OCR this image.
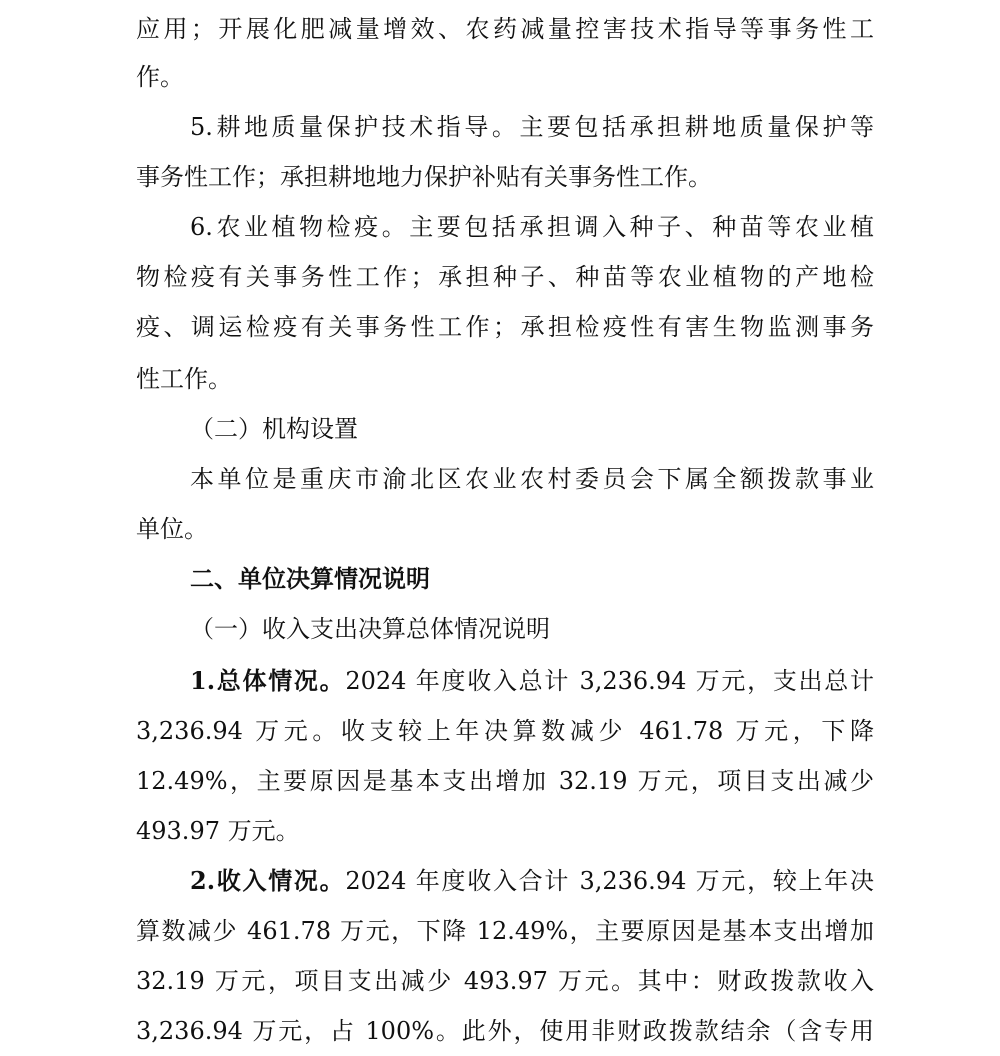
应用；开展化肥减量增效、农药减量控害技术指导等事务性工
作。
5.耕地质量保护技术指导。主要包括承担耕地质量保护等
事务性工作；承担耕地地力保护补贴有关事务性工作。
6.农业植物检疫。主要包括承担调入种子、种苗等农业植
物检疫有关事务性工作；承担种子、种苗等农业植物的产地检
疫、调运检疫有关事务性工作；承担检疫性有害生物监测事务
性工作。
（二）机构设置
本单位是重庆市渝北区农业农村委员会下属全额拨款事业
单位。
二、单位决算情况说明
（一）收入支出决算总体情况说明
1.总体情况。2024 年度收入总计 3,236.94 万元，支出总计
3,236.94 万元。收支较上年决算数减少 461.78 万元，下降
12.49%，主要原因是基本支出增加 32.19 万元，项目支出减少
493.97 万元。
2.收入情况。2024 年度收入合计 3,236.94 万元，较上年决
算数减少 461.78 万元，下降 12.49%，主要原因是基本支出增加
32.19 万元，项目支出减少 493.97 万元。其中：财政拨款收入
3,236.94 万元，占 100%。此外，使用非财政拨款结余（含专用
